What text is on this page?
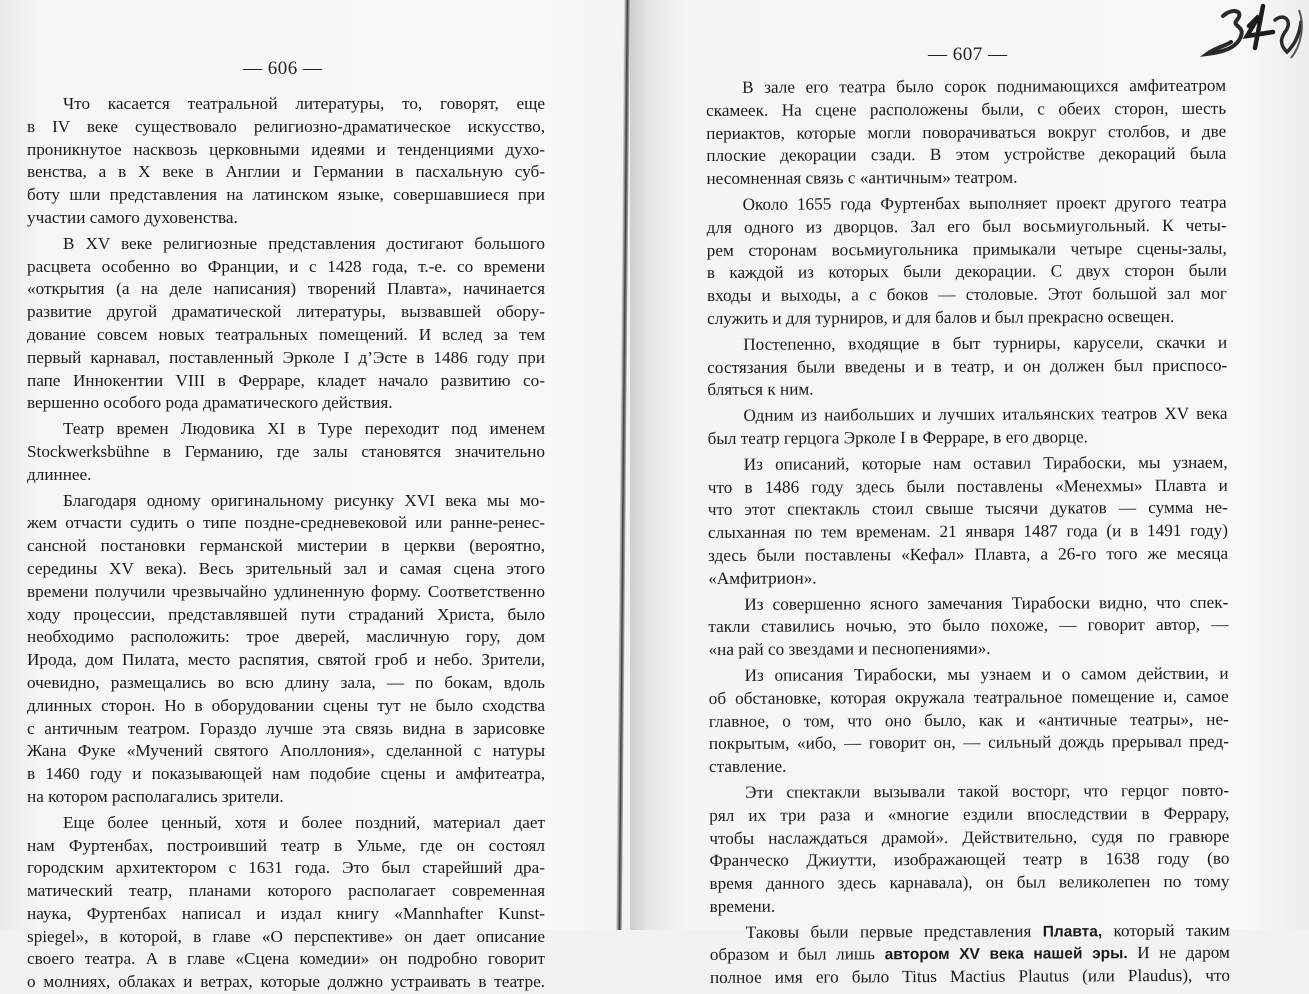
— 606 —
Что касается театральной литературы, то, говорят, еще
в IV веке существовало религиозно-драматическое искусство,
проникнутое насквозь церковными идеями и тенденциями духо-
венства, а в X веке в Англии и Германии в пасхальную суб-
боту шли представления на латинском языке, совершавшиеся при
участии самого духовенства.
В XV веке религиозные представления достигают большого
расцвета особенно во Франции, и с 1428 года, т.-е. со времени
«открытия (а на деле написания) творений Плавта», начинается
развитие другой драматической литературы, вызвавшей обору-
дование совсем новых театральных помещений. И вслед за тем
первый карнавал, поставленный Эрколе I д’Эсте в 1486 году при
папе Иннокентии VIII в Ферраре, кладет начало развитию со-
вершенно особого рода драматического действия.
Театр времен Людовика XI в Туре переходит под именем
Stockwerksbühne в Германию, где залы становятся значительно
длиннее.
Благодаря одному оригинальному рисунку XVI века мы мо-
жем отчасти судить о типе поздне-средневековой или ранне-ренес-
сансной постановки германской мистерии в церкви (вероятно,
середины XV века). Весь зрительный зал и самая сцена этого
времени получили чрезвычайно удлиненную форму. Соответственно
ходу процессии, представлявшей пути страданий Христа, было
необходимо расположить: трое дверей, масличную гору, дом
Ирода, дом Пилата, место распятия, святой гроб и небо. Зрители,
очевидно, размещались во всю длину зала, — по бокам, вдоль
длинных сторон. Но в оборудовании сцены тут не было сходства
с античным театром. Гораздо лучше эта связь видна в зарисовке
Жана Фуке «Мучений святого Аполлония», сделанной с натуры
в 1460 году и показывающей нам подобие сцены и амфитеатра,
на котором располагались зрители.
Еще более ценный, хотя и более поздний, материал дает
нам Фуртенбах, построивший театр в Ульме, где он состоял
городским архитектором с 1631 года. Это был старейший дра-
матический театр, планами которого располагает современная
наука, Фуртенбах написал и издал книгу «Mannhafter Kunst-
spiegel», в которой, в главе «О перспективе» он дает описание
своего театра. А в главе «Сцена комедии» он подробно говорит
о молниях, облаках и ветрах, которые должно устраивать в театре.
— 607 —
В зале его театра было сорок поднимающихся амфитеатром
скамеек. На сцене расположены были, с обеих сторон, шесть
периактов, которые могли поворачиваться вокруг столбов, и две
плоские декорации сзади. В этом устройстве декораций была
несомненная связь с «античным» театром.
Около 1655 года Фуртенбах выполняет проект другого театра
для одного из дворцов. Зал его был восьмиугольный. К четы-
рем сторонам восьмиугольника примыкали четыре сцены-залы,
в каждой из которых были декорации. С двух сторон были
входы и выходы, а с боков — столовые. Этот большой зал мог
служить и для турниров, и для балов и был прекрасно освещен.
Постепенно, входящие в быт турниры, карусели, скачки и
состязания были введены и в театр, и он должен был приспосо-
бляться к ним.
Одним из наибольших и лучших итальянских театров XV века
был театр герцога Эрколе I в Ферраре, в его дворце.
Из описаний, которые нам оставил Тирабоски, мы узнаем,
что в 1486 году здесь были поставлены «Менехмы» Плавта и
что этот спектакль стоил свыше тысячи дукатов — сумма не-
слыханная по тем временам. 21 января 1487 года (и в 1491 году)
здесь были поставлены «Кефал» Плавта, а 26-го того же месяца
«Амфитрион».
Из совершенно ясного замечания Тирабоски видно, что спек-
такли ставились ночью, это было похоже, — говорит автор, —
«на рай со звездами и песнопениями».
Из описания Тирабоски, мы узнаем и о самом действии, и
об обстановке, которая окружала театральное помещение и, самое
главное, о том, что оно было, как и «античные театры», не-
покрытым, «ибо, — говорит он, — сильный дождь прерывал пред-
ставление.
Эти спектакли вызывали такой восторг, что герцог повто-
рял их три раза и «многие ездили впоследствии в Феррару,
чтобы наслаждаться драмой». Действительно, судя по гравюре
Франческо Джиутти, изображающей театр в 1638 году (во
время данного здесь карнавала), он был великолепен по тому
времени.
Таковы были первые представления Плавта, который таким
образом и был лишь автором XV века нашей эры. И не даром
полное имя его было Titus Mactius Plautus (или Plaudus), что
